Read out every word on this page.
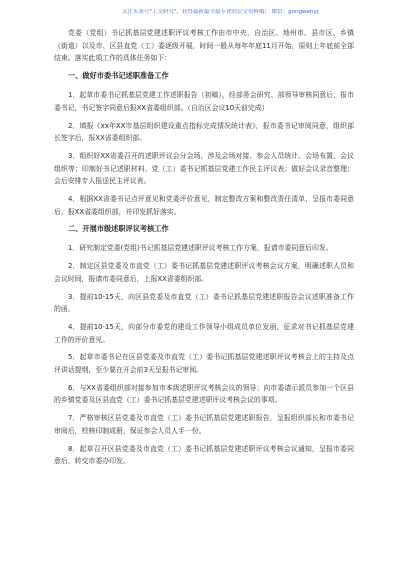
关注头条号"工交研究"，获得最新最全最专业的公文资料哦！ 微信：gongwenyj

党委（党组）书记抓基层党建述职评议考核工作由市中央、自治区、地州市、县市区、乡镇（街道）以及市、区县直党（工）委逐级开展，时间一般从每年年底11月开始，原则上年底前全部结束。落实此项工作的具体任务如下：

一、做好市委书记述职准备工作

1．起草市委书记抓基层党建工作述职报告（初稿），经部务会研究、部领导审核同意后，报市委书记，书记签字同意后报XX省委组织部。（自治区会议10天前完成）

2．填报《xx年XX市基层组织建设重点指标完成情况统计表》，报市委书记审阅同意，组织部长签字后，报XX省委组织部。

3．组织好XX省委召开的述职评议会分会场，涉及会场对接、参会人员统计、会场布置、会议组织等；印制好书记述职材料、党（工）委书记抓基层党建工作民主评议表；做好会议录音整理；会后安排专人报送民主评议表。

4．根据XX省委书记点评意见和党委评价意见，制定整改方案和整改责任清单，呈报市委同意后，报XX省委组织部，并印发抓好落实。

二、开展市级述职评议考核工作

1．研究制定党委(党组)书记抓基层党建述职评议考核工作方案，报请市委同意后印发。

2．制定区县党委及市直党（工）委书记抓基层党建述职评议考核会议方案，明确述职人员和会议时间，报请市委同意后，上报XX省委组织部。

3．提前10-15天，向区县党委及市直党（工）委书记抓基层党建述职报告会议述职准备工作的函。

4．提前10-15天，向部分市委党的建设工作领导小组成员单位发函，征求对书记抓基层党建工作的评价意见。

5．起草市委书记在区县党委及市直党（工）委书记抓基层党建述职评议考核会上的主持及点评讲话提纲，至少要在开会前3天呈报书记审阅。

6．与XX省委组织部对接参加市本级述职评议考核会议的领导；向市委请示派员参加一个区县的乡镇党委及区县直党（工）委书记抓基层党建述职评议考核会议的事项。

7．严格审核区县党委及市直党（工）委书记抓基层党建述职报告，呈报组织部长和市委书记审阅后，校核印制成册，保证参会人员人手一份。

8．起草召开区县党委及市直党（工）委书记抓基层党建述职评议考核会议通知，呈报市委同意后，转交市委办印发。
